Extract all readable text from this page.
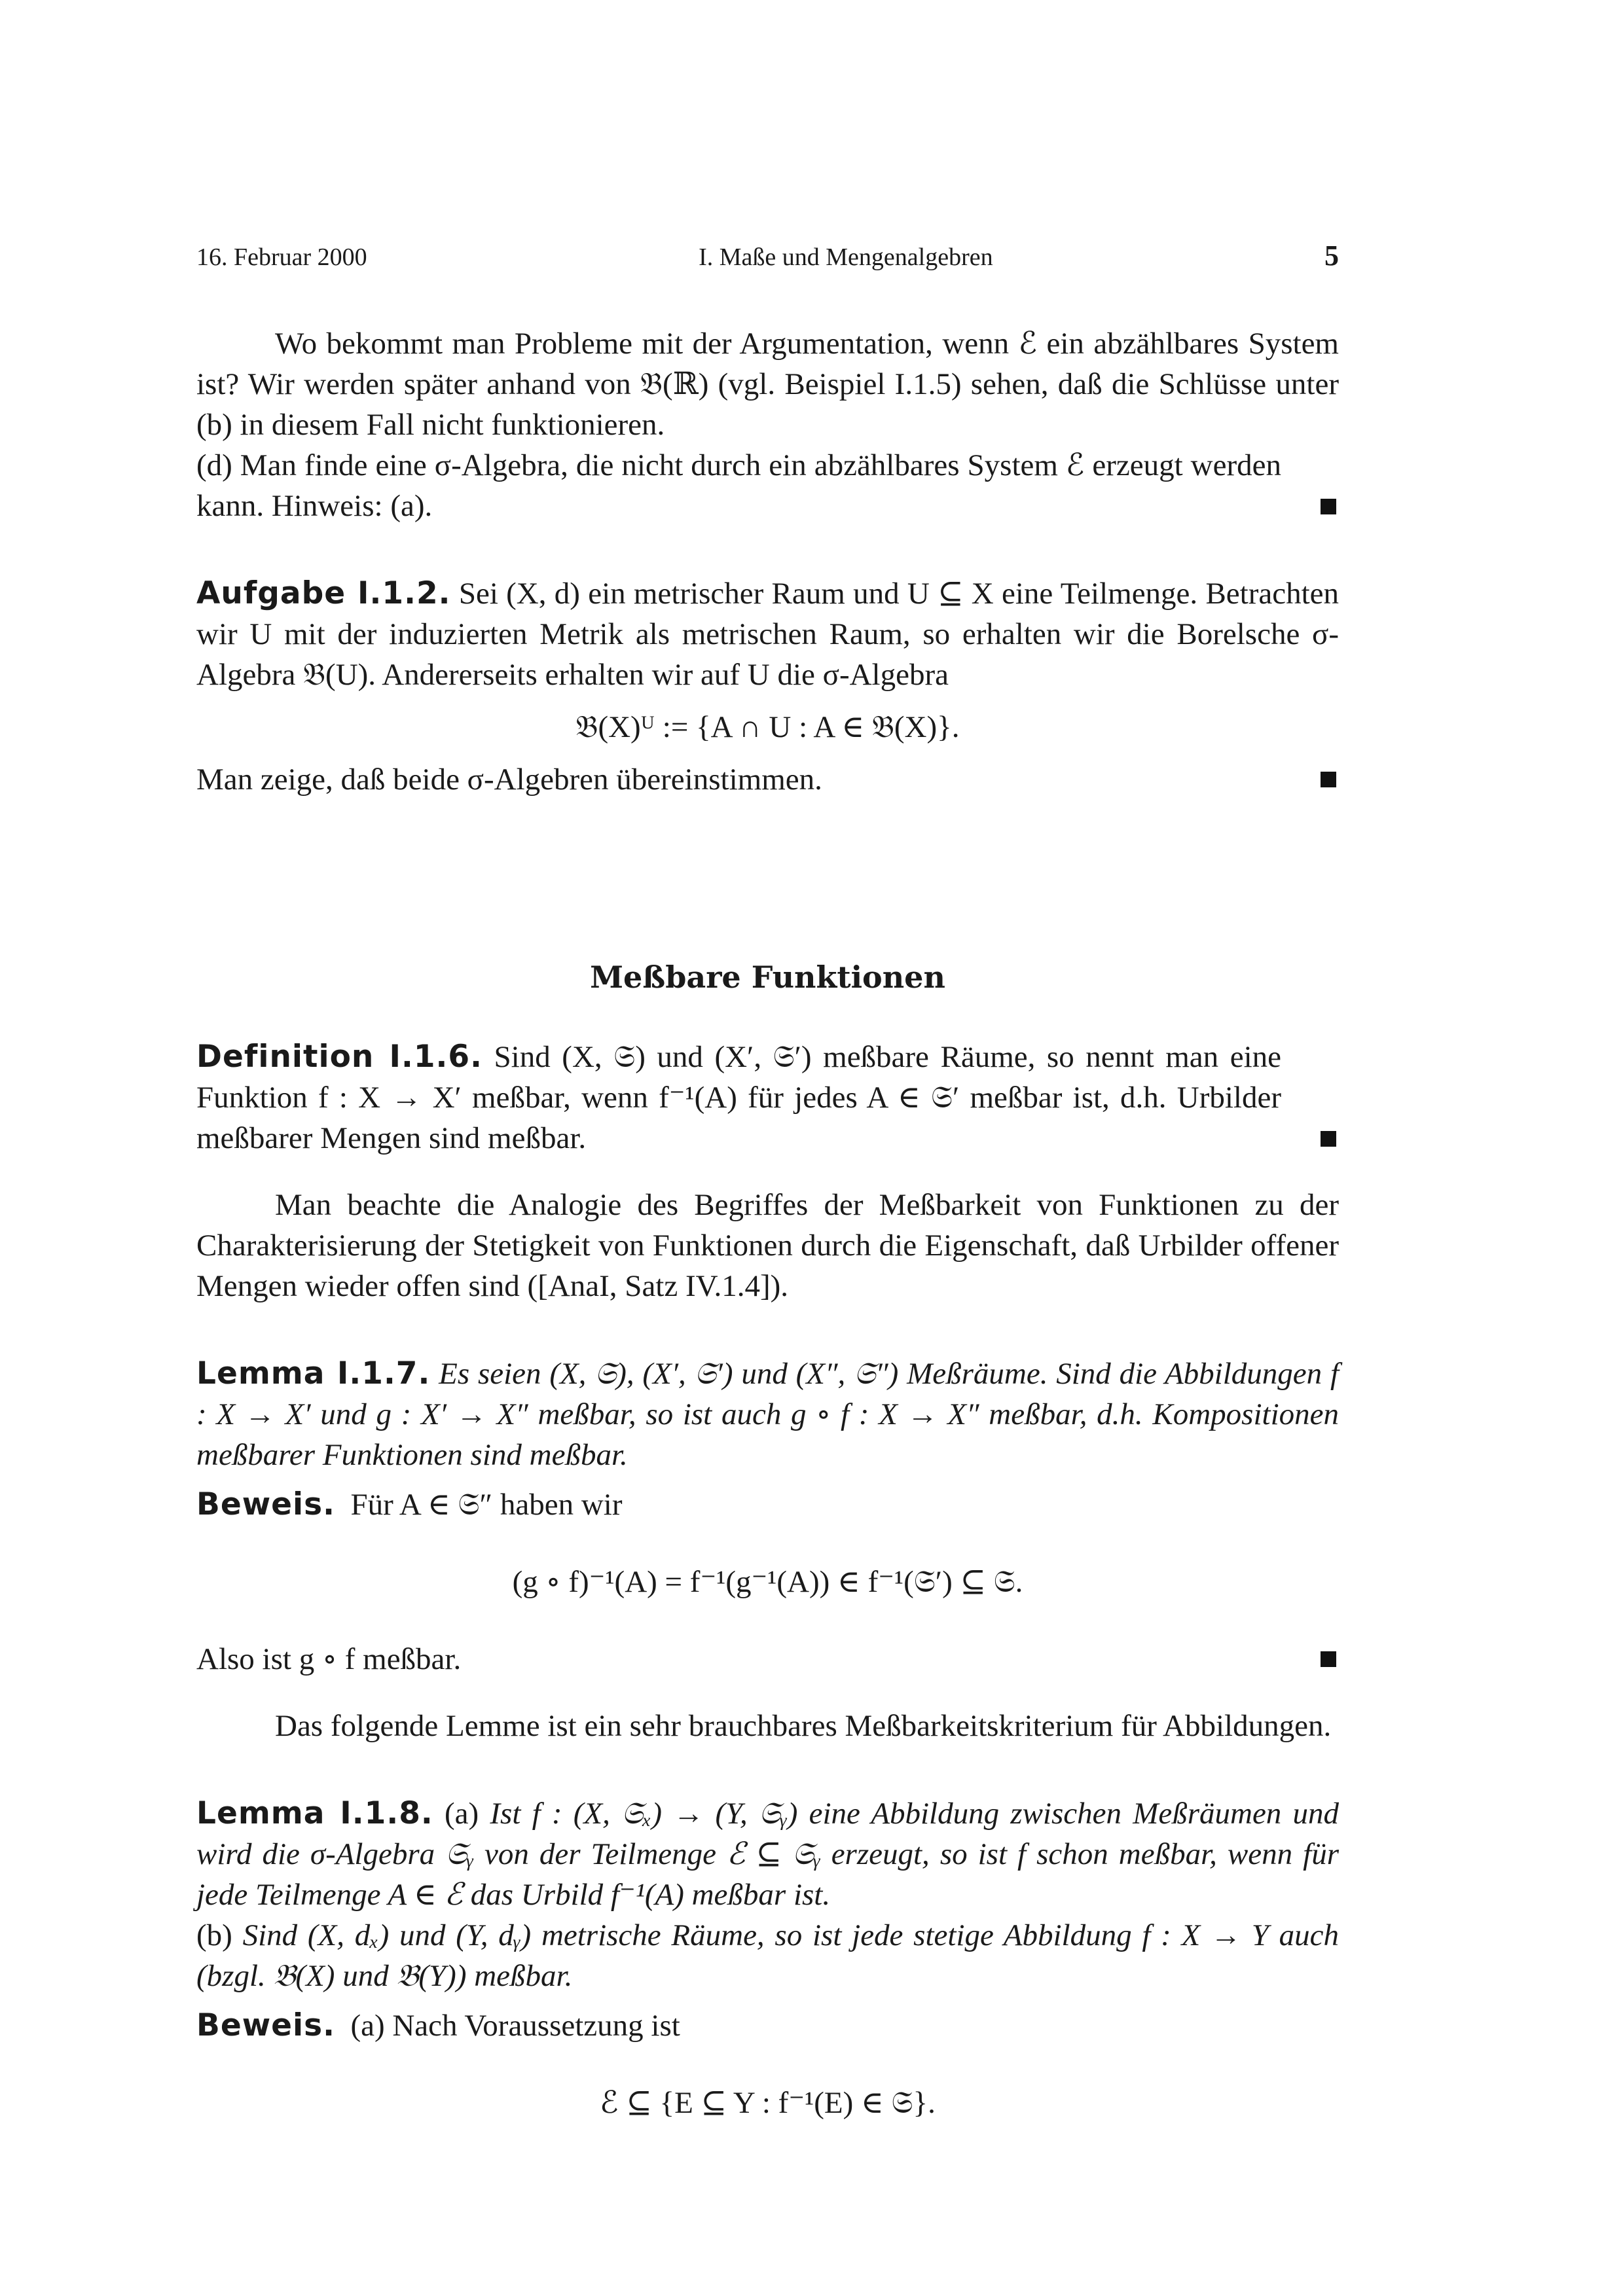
16. Februar 2000	I. Maße und Mengenalgebren	5

Wo bekommt man Probleme mit der Argumentation, wenn ℰ ein abzählbares System ist? Wir werden später anhand von 𝔅(ℝ) (vgl. Beispiel I.1.5) sehen, daß die Schlüsse unter (b) in diesem Fall nicht funktionieren.

(d) Man finde eine σ-Algebra, die nicht durch ein abzählbares System ℰ erzeugt werden kann. Hinweis: (a).

Aufgabe I.1.2. Sei (X, d) ein metrischer Raum und U ⊆ X eine Teilmenge. Betrachten wir U mit der induzierten Metrik als metrischen Raum, so erhalten wir die Borelsche σ-Algebra 𝔅(U). Andererseits erhalten wir auf U die σ-Algebra

𝔅(X)ᵁ := {A ∩ U : A ∈ 𝔅(X)}.
Man zeige, daß beide σ-Algebren übereinstimmen.
Meßbare Funktionen

Definition I.1.6. Sind (X, 𝔖) und (X′, 𝔖′) meßbare Räume, so nennt man eine Funktion f : X → X′ meßbar, wenn f⁻¹(A) für jedes A ∈ 𝔖′ meßbar ist, d.h. Urbilder meßbarer Mengen sind meßbar.

Man beachte die Analogie des Begriffes der Meßbarkeit von Funktionen zu der Charakterisierung der Stetigkeit von Funktionen durch die Eigenschaft, daß Urbilder offener Mengen wieder offen sind ([AnaI, Satz IV.1.4]).

Lemma I.1.7. Es seien (X, 𝔖), (X′, 𝔖′) und (X″, 𝔖″) Meßräume. Sind die Abbildungen f : X → X′ und g : X′ → X″ meßbar, so ist auch g ∘ f : X → X″ meßbar, d.h. Kompositionen meßbarer Funktionen sind meßbar.

Beweis. Für A ∈ 𝔖″ haben wir

(g ∘ f)⁻¹(A) = f⁻¹(g⁻¹(A)) ∈ f⁻¹(𝔖′) ⊆ 𝔖.
Also ist g ∘ f meßbar.

Das folgende Lemme ist ein sehr brauchbares Meßbarkeitskriterium für Abbildungen.

Lemma I.1.8. (a) Ist f : (X, 𝔖ₓ) → (Y, 𝔖ᵧ) eine Abbildung zwischen Meßräumen und wird die σ-Algebra 𝔖ᵧ von der Teilmenge ℰ ⊆ 𝔖ᵧ erzeugt, so ist f schon meßbar, wenn für jede Teilmenge A ∈ ℰ das Urbild f⁻¹(A) meßbar ist.

(b) Sind (X, dₓ) und (Y, dᵧ) metrische Räume, so ist jede stetige Abbildung f : X → Y auch (bzgl. 𝔅(X) und 𝔅(Y)) meßbar.

Beweis. (a) Nach Voraussetzung ist

ℰ ⊆ {E ⊆ Y : f⁻¹(E) ∈ 𝔖}.
